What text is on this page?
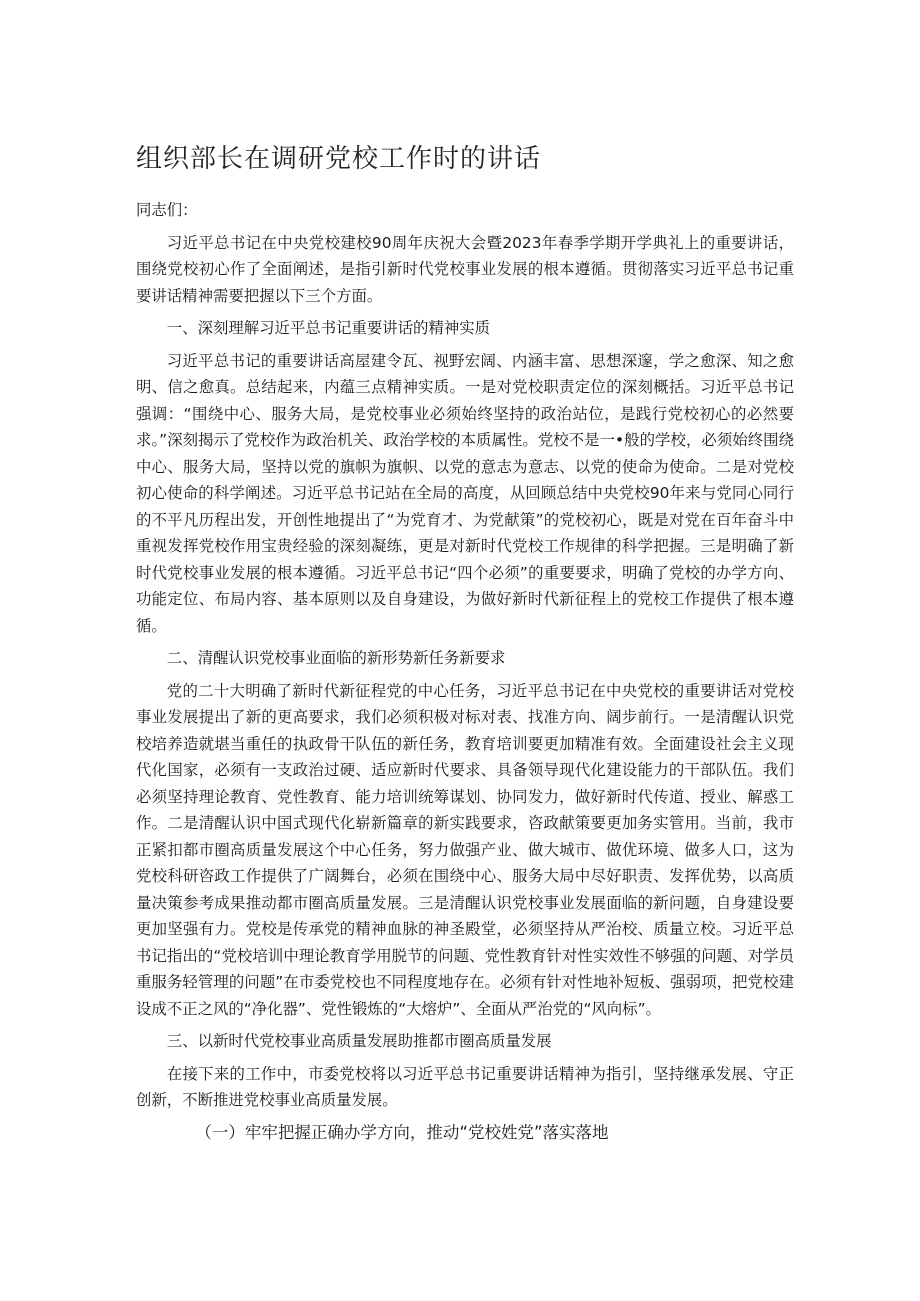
组织部长在调研党校工作时的讲话

同志们：

习近平总书记在中央党校建校90周年庆祝大会暨2023年春季学期开学典礼上的重要讲话，围绕党校初心作了全面阐述，是指引新时代党校事业发展的根本遵循。贯彻落实习近平总书记重要讲话精神需要把握以下三个方面。

一、深刻理解习近平总书记重要讲话的精神实质

习近平总书记的重要讲话高屋建令瓦、视野宏阔、内涵丰富、思想深邃，学之愈深、知之愈明、信之愈真。总结起来，内蕴三点精神实质。一是对党校职责定位的深刻概括。习近平总书记强调：“围绕中心、服务大局，是党校事业必须始终坚持的政治站位，是践行党校初心的必然要求。”深刻揭示了党校作为政治机关、政治学校的本质属性。党校不是一•般的学校，必须始终围绕中心、服务大局，坚持以党的旗帜为旗帜、以党的意志为意志、以党的使命为使命。二是对党校初心使命的科学阐述。习近平总书记站在全局的高度，从回顾总结中央党校90年来与党同心同行的不平凡历程出发，开创性地提出了“为党育才、为党献策”的党校初心，既是对党在百年奋斗中重视发挥党校作用宝贵经验的深刻凝练，更是对新时代党校工作规律的科学把握。三是明确了新时代党校事业发展的根本遵循。习近平总书记“四个必须”的重要要求，明确了党校的办学方向、功能定位、布局内容、基本原则以及自身建设，为做好新时代新征程上的党校工作提供了根本遵循。

二、清醒认识党校事业面临的新形势新任务新要求

党的二十大明确了新时代新征程党的中心任务，习近平总书记在中央党校的重要讲话对党校事业发展提出了新的更高要求，我们必须积极对标对表、找准方向、阔步前行。一是清醒认识党校培养造就堪当重任的执政骨干队伍的新任务，教育培训要更加精准有效。全面建设社会主义现代化国家，必须有一支政治过硬、适应新时代要求、具备领导现代化建设能力的干部队伍。我们必须坚持理论教育、党性教育、能力培训统筹谋划、协同发力，做好新时代传道、授业、解惑工作。二是清醒认识中国式现代化崭新篇章的新实践要求，咨政献策要更加务实管用。当前，我市正紧扣都市圈高质量发展这个中心任务，努力做强产业、做大城市、做优环境、做多人口，这为党校科研咨政工作提供了广阔舞台，必须在围绕中心、服务大局中尽好职责、发挥优势，以高质量决策参考成果推动都市圈高质量发展。三是清醒认识党校事业发展面临的新问题，自身建设要更加坚强有力。党校是传承党的精神血脉的神圣殿堂，必须坚持从严治校、质量立校。习近平总书记指出的“党校培训中理论教育学用脱节的问题、党性教育针对性实效性不够强的问题、对学员重服务轻管理的问题”在市委党校也不同程度地存在。必须有针对性地补短板、强弱项，把党校建设成不正之风的“净化器”、党性锻炼的“大熔炉”、全面从严治党的“风向标”。

三、以新时代党校事业高质量发展助推都市圈高质量发展

在接下来的工作中，市委党校将以习近平总书记重要讲话精神为指引，坚持继承发展、守正创新，不断推进党校事业高质量发展。

（一）牢牢把握正确办学方向，推动“党校姓党”落实落地
